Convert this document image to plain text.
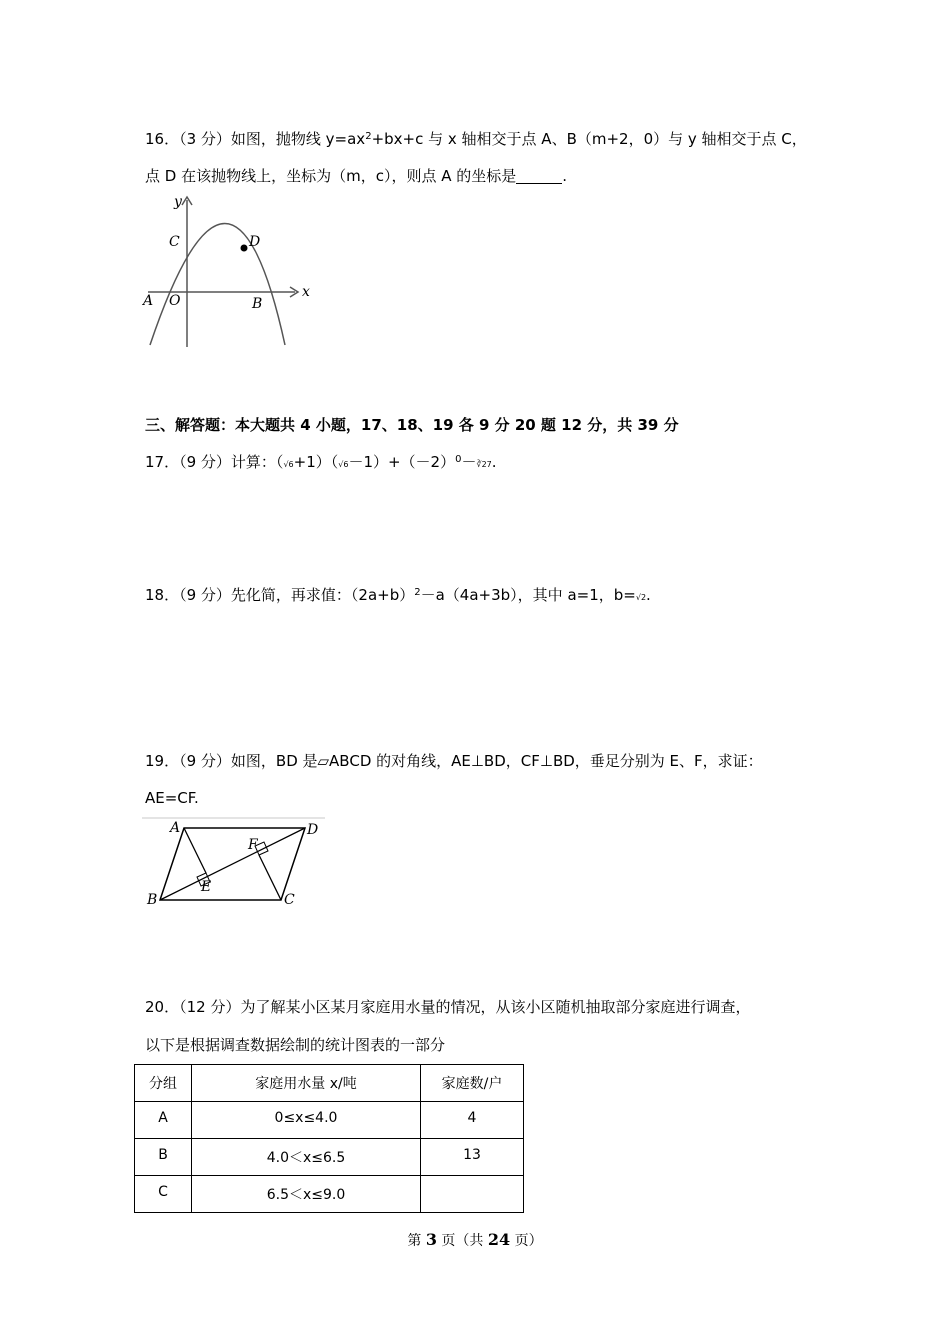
16．（3 分）如图，抛物线 $y=ax^2+bx+c$ 与 x 轴相交于点 A、B（m+2，0）与 y 轴相交于点 C，
点 D 在该抛物线上，坐标为（m，c），则点 A 的坐标是	.
y
x
C	D
A O	B
三、解答题：本大题共 4 小题，17、18、19 各 9 分 20 题 12 分，共 39 分
17．（9 分）计算：$(√6+1)(√6-1)+(-2)^0-∛27$.
18．（9 分）先化简，再求值：$(2a+b)^2-a(4a+3b)$，其中 a=1，b=√2.
19．（9 分）如图，BD 是▱ABCD 的对角线，AE⊥BD，CF⊥BD，垂足分别为 E、F，求证：
AE=CF.
A	D
F
E
B	C
20．（12 分）为了解某小区某月家庭用水量的情况，从该小区随机抽取部分家庭进行调查，
以下是根据调查数据绘制的统计图表的一部分
分组	家庭用水量 x/吨	家庭数/户
A	0≤x≤4.0	4
B	4.0＜x≤6.5	13
C	6.5＜x≤9.0	
第 3 页（共 24 页）
